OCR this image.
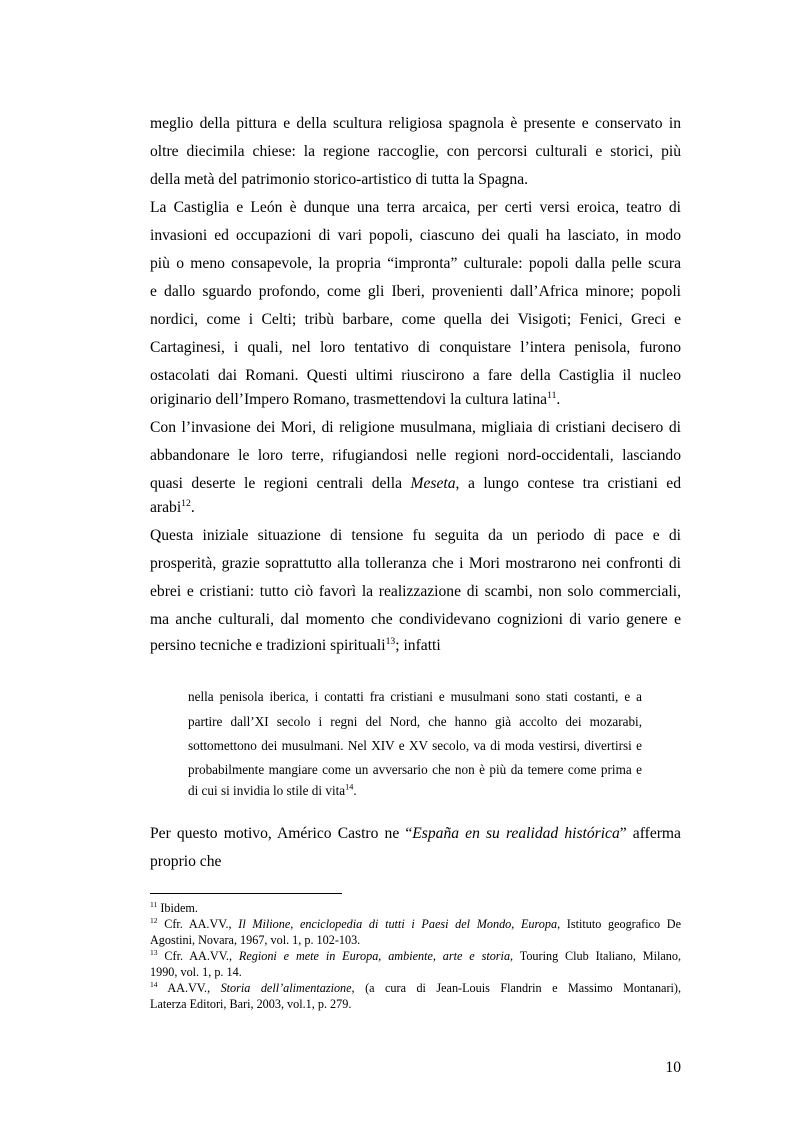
meglio della pittura e della scultura religiosa spagnola è presente e conservato in
oltre diecimila chiese: la regione raccoglie, con percorsi culturali e storici, più
della metà del patrimonio storico-artistico di tutta la Spagna.
La Castiglia e León è dunque una terra arcaica, per certi versi eroica, teatro di
invasioni ed occupazioni di vari popoli, ciascuno dei quali ha lasciato, in modo
più o meno consapevole, la propria “impronta” culturale: popoli dalla pelle scura
e dallo sguardo profondo, come gli Iberi, provenienti dall’Africa minore; popoli
nordici, come i Celti; tribù barbare, come quella dei Visigoti; Fenici, Greci e
Cartaginesi, i quali, nel loro tentativo di conquistare l’intera penisola, furono
ostacolati dai Romani. Questi ultimi riuscirono a fare della Castiglia il nucleo
originario dell’Impero Romano, trasmettendovi la cultura latina$^{11}$.
Con l’invasione dei Mori, di religione musulmana, migliaia di cristiani decisero di
abbandonare le loro terre, rifugiandosi nelle regioni nord-occidentali, lasciando
quasi deserte le regioni centrali della Meseta, a lungo contese tra cristiani ed
arabi$^{12}$.
Questa iniziale situazione di tensione fu seguita da un periodo di pace e di
prosperità, grazie soprattutto alla tolleranza che i Mori mostrarono nei confronti di
ebrei e cristiani: tutto ciò favorì la realizzazione di scambi, non solo commerciali,
ma anche culturali, dal momento che condividevano cognizioni di vario genere e
persino tecniche e tradizioni spirituali$^{13}$; infatti
nella penisola iberica, i contatti fra cristiani e musulmani sono stati costanti, e a
partire dall’XI secolo i regni del Nord, che hanno già accolto dei mozarabi,
sottomettono dei musulmani. Nel XIV e XV secolo, va di moda vestirsi, divertirsi e
probabilmente mangiare come un avversario che non è più da temere come prima e
di cui si invidia lo stile di vita$^{14}$.
Per questo motivo, Américo Castro ne “España en su realidad histórica” afferma
proprio che
$^{11}$ Ibidem.
$^{12}$ Cfr. AA.VV., Il Milione, enciclopedia di tutti i Paesi del Mondo, Europa, Istituto geografico De
Agostini, Novara, 1967, vol. 1, p. 102-103.
$^{13}$ Cfr. AA.VV., Regioni e mete in Europa, ambiente, arte e storia, Touring Club Italiano, Milano,
1990, vol. 1, p. 14.
$^{14}$ AA.VV., Storia dell’alimentazione, (a cura di Jean-Louis Flandrin e Massimo Montanari),
Laterza Editori, Bari, 2003, vol.1, p. 279.
10
